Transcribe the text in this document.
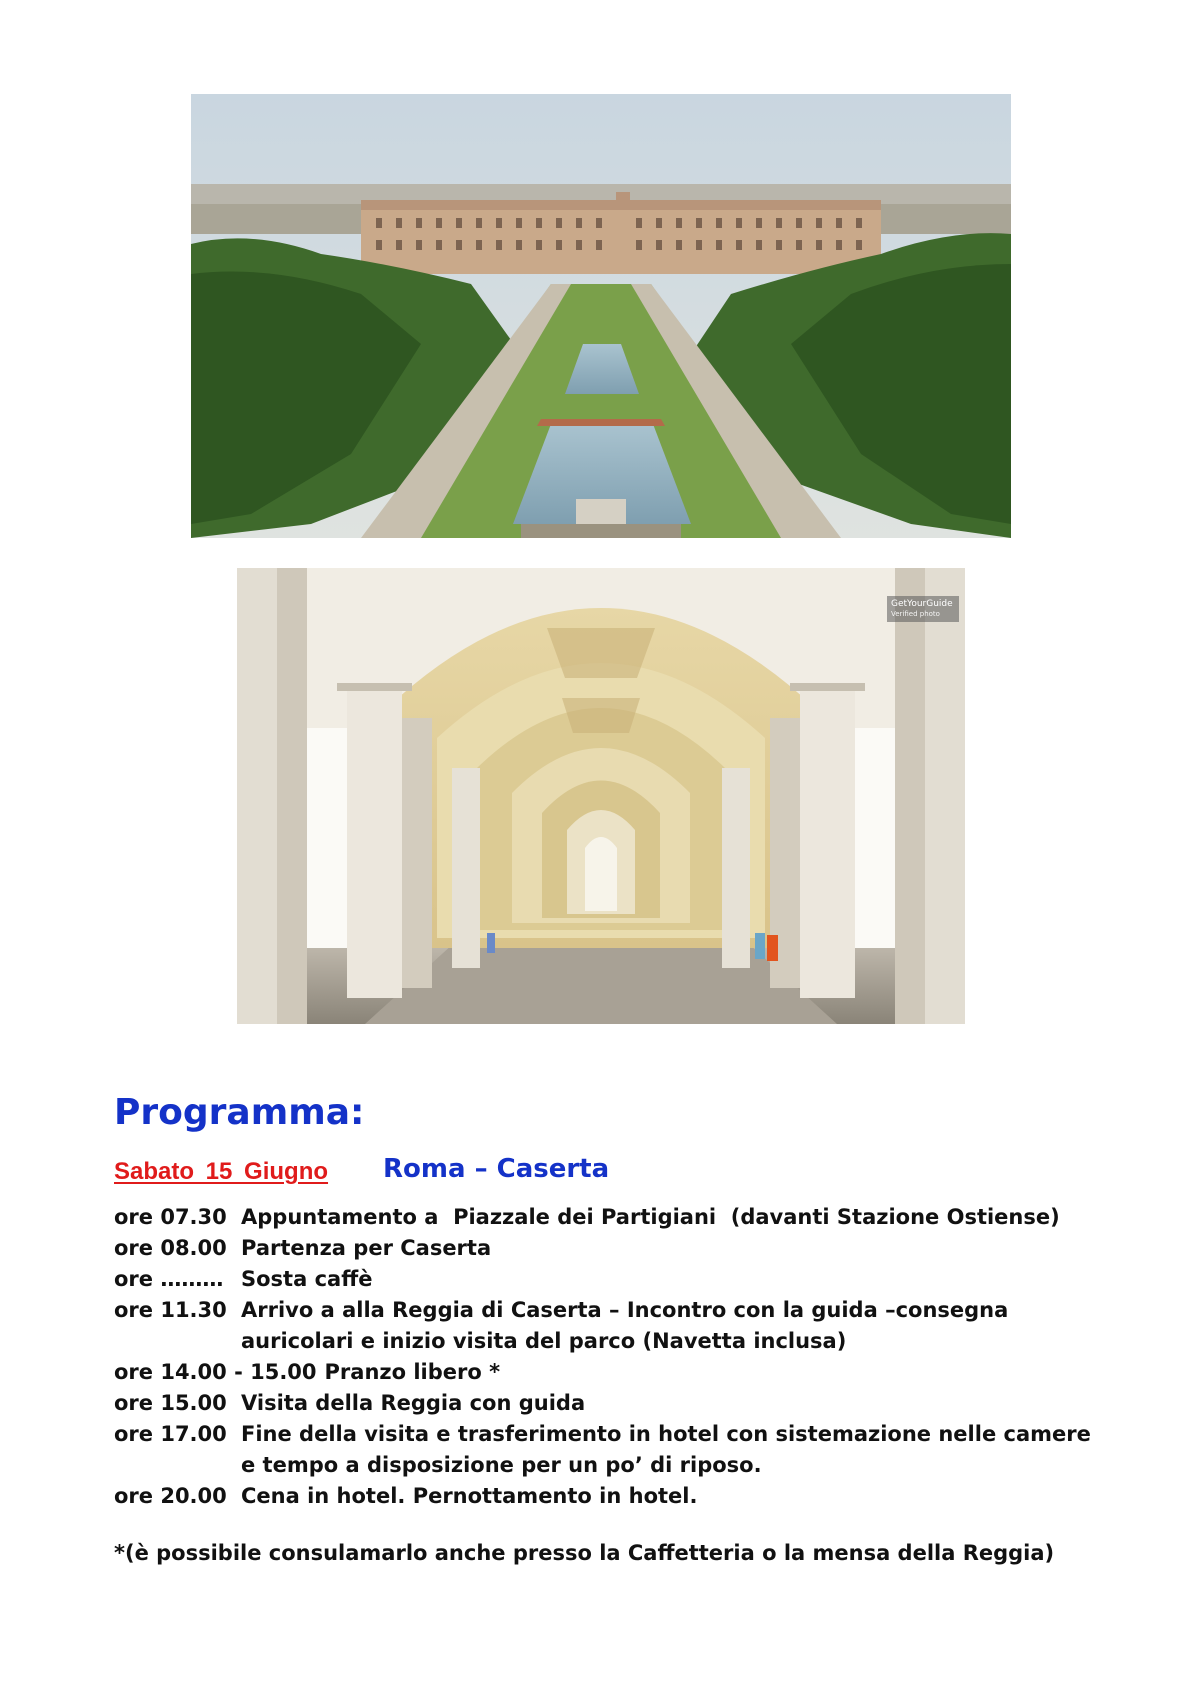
GetYourGuide
Verified photo
Programma:
Sabato 15 Giugno Roma – Caserta
ore 07.30 Appuntamento a  Piazzale dei Partigiani  (davanti Stazione Ostiense)
ore 08.00 Partenza per Caserta
ore ……… Sosta caffè
ore 11.30 Arrivo a alla Reggia di Caserta – Incontro con la guida –consegna auricolari e inizio visita del parco (Navetta inclusa)
ore 14.00 - 15.00 Pranzo libero *
ore 15.00 Visita della Reggia con guida
ore 17.00 Fine della visita e trasferimento in hotel con sistemazione nelle camere e tempo a disposizione per un po’ di riposo.
ore 20.00 Cena in hotel. Pernottamento in hotel.

*(è possibile consulamarlo anche presso la Caffetteria o la mensa della Reggia)
